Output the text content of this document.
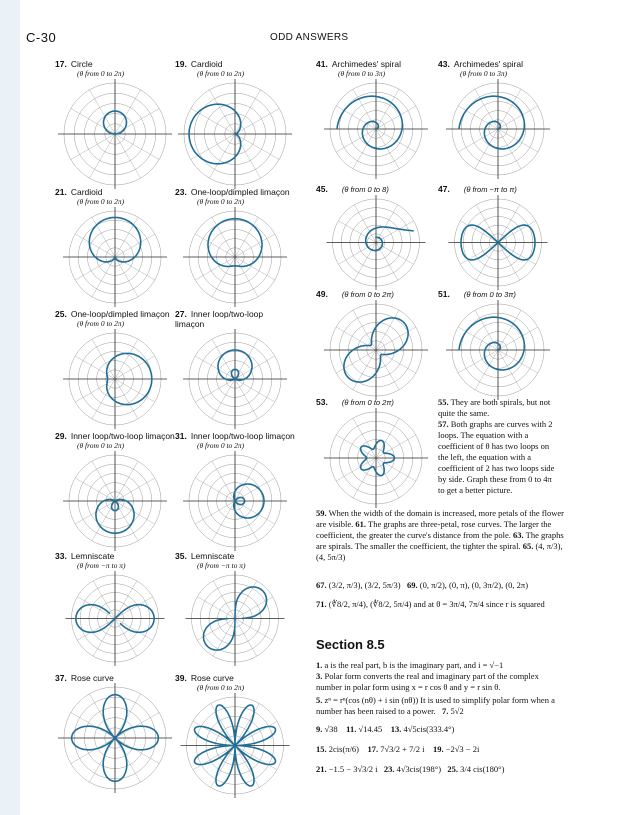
C-30	ODD ANSWERS
17. Circle
(θ from 0 to 2π)
19. Cardioid
(θ from 0 to 2π)
21. Cardioid
(θ from 0 to 2π)
23. One-loop/dimpled limaçon
(θ from 0 to 2π)
25. One-loop/dimpled limaçon
(θ from 0 to 2π)
27. Inner loop/two-loop limaçon
29. Inner loop/two-loop limaçon
(θ from 0 to 2π)
31. Inner loop/two-loop limaçon
(θ from 0 to 2π)
33. Lemniscate
(θ from −π to π)
35. Lemniscate
(θ from −π to π)
37. Rose curve	39. Rose curve
(θ from 0 to 2π)
41. Archimedes' spiral
(θ from 0 to 3π)
43. Archimedes' spiral
(θ from 0 to 3π)
45. (θ from 0 to 8)	47. (θ from −π to π)
49. (θ from 0 to 2π)	51. (θ from 0 to 3π)
53. (θ from 0 to 2π)	55. They are both spirals, but not quite the same.
57. Both graphs are curves with 2 loops. The equation with a coefficient of θ has two loops on the left, the equation with a coefficient of 2 has two loops side by side. Graph these from 0 to 4π to get a better picture.
59. When the width of the domain is increased, more petals of the flower are visible. 61. The graphs are three-petal, rose curves. The larger the coefficient, the greater the curve's distance from the pole. 63. The graphs are spirals. The smaller the coefficient, the tighter the spiral. 65. (4, π/3), (4, 5π/3)
67. (3/2, π/3), (3/2, 5π/3) 69. (0, π/2), (0, π), (0, 3π/2), (0, 2π)
71. (∜8/2, π/4), (∜8/2, 5π/4) and at θ = 3π/4, 7π/4 since r is squared
Section 8.5
1. a is the real part, b is the imaginary part, and i = √−1
3. Polar form converts the real and imaginary part of the complex number in polar form using x = r cos θ and y = r sin θ.
5. zⁿ = rⁿ(cos (nθ) + i sin (nθ)) It is used to simplify polar form when a number has been raised to a power. 7. 5√2
9. √38 11. √14.45 13. 4√5cis(333.4°)
15. 2cis(π/6) 17. 7√3/2 + 7/2 i 19. −2√3 − 2i
21. −1.5 − 3√3/2 i 23. 4√3cis(198°) 25. 3/4 cis(180°)
